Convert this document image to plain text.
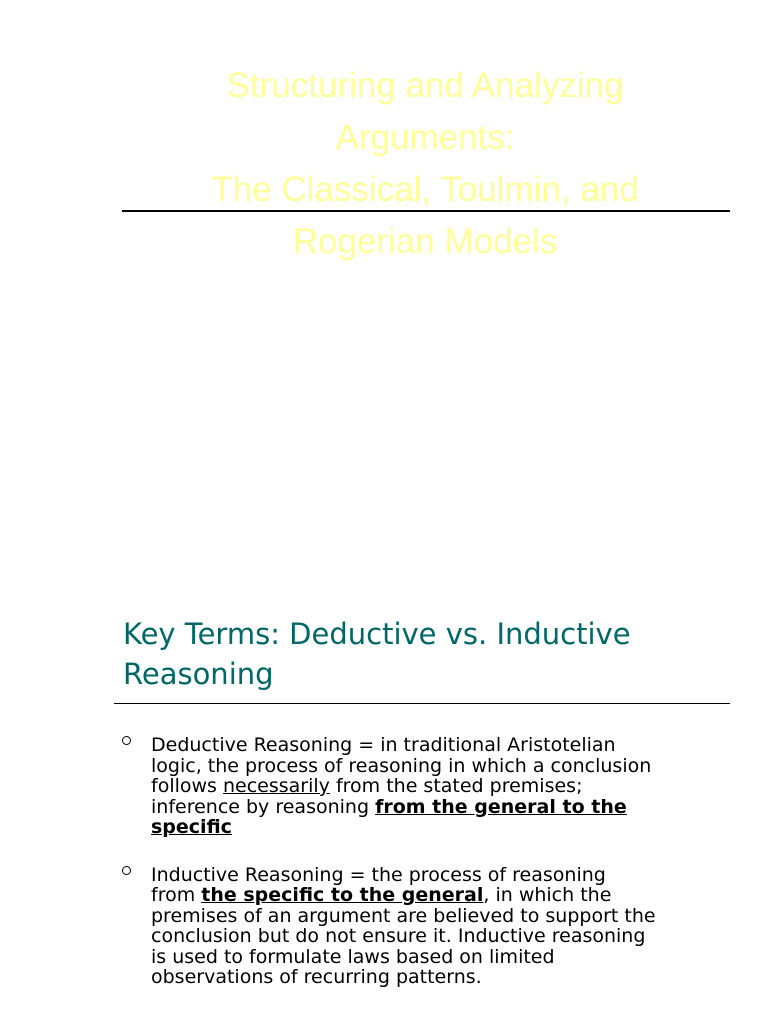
Structuring and Analyzing
Arguments:
The Classical, Toulmin, and
Rogerian Models
Key Terms: Deductive vs. Inductive
Reasoning
Deductive Reasoning = in traditional Aristotelian
logic, the process of reasoning in which a conclusion
follows necessarily from the stated premises;
inference by reasoning from the general to the
specific
Inductive Reasoning = the process of reasoning
from the specific to the general, in which the
premises of an argument are believed to support the
conclusion but do not ensure it. Inductive reasoning
is used to formulate laws based on limited
observations of recurring patterns.
